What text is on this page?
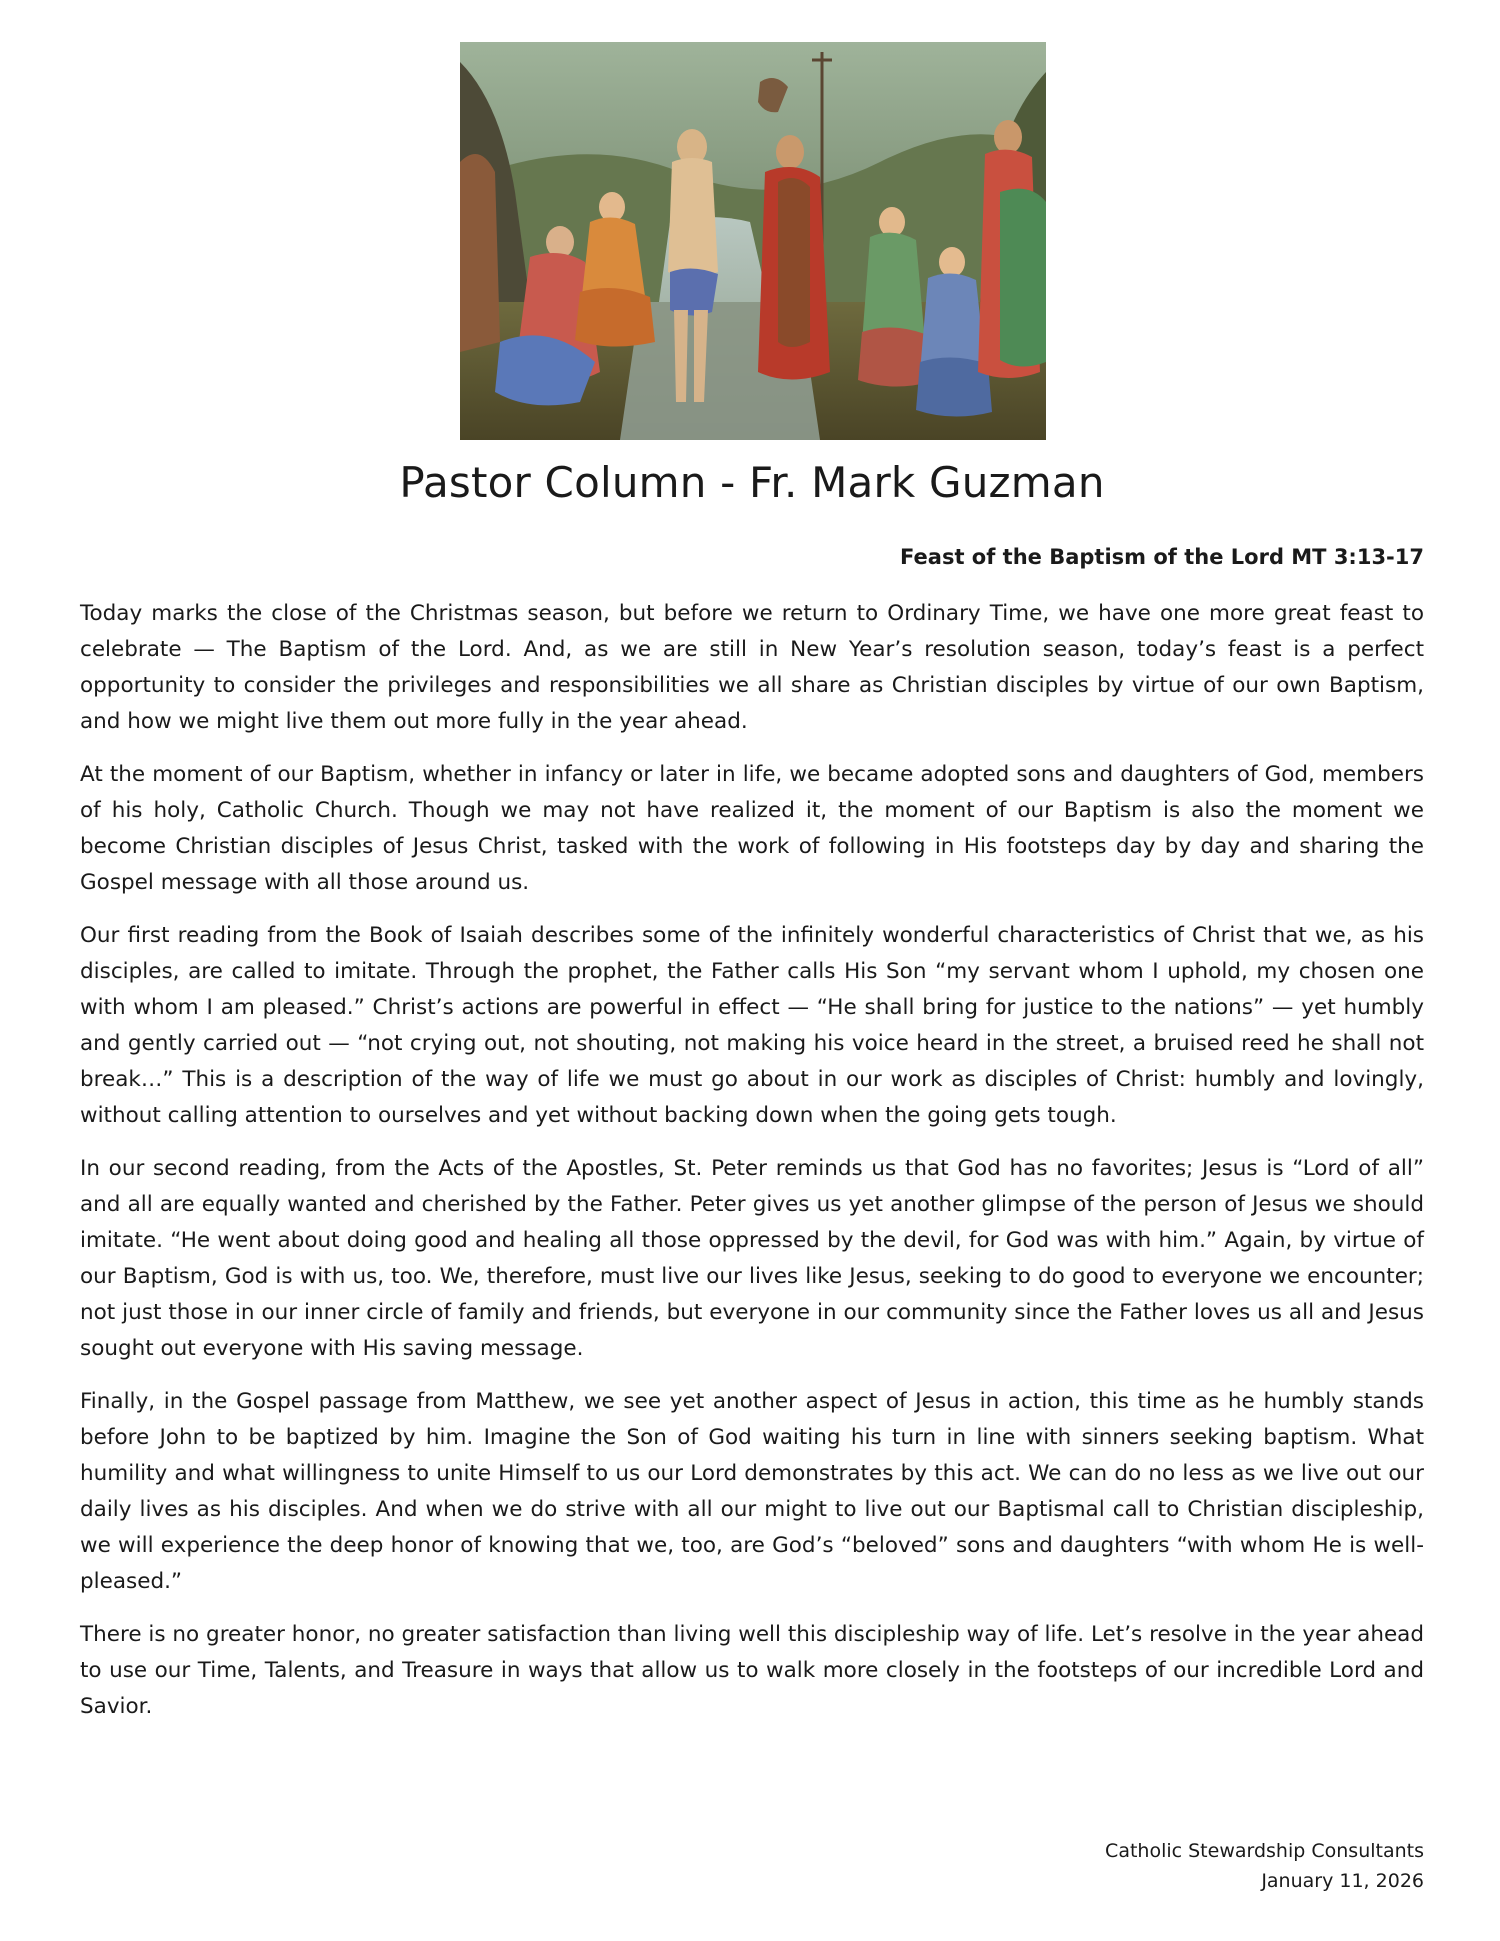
Pastor Column - Fr. Mark Guzman
Feast of the Baptism of the Lord MT 3:13-17

Today marks the close of the Christmas season, but before we return to Ordinary Time, we have one more great feast to celebrate — The Baptism of the Lord. And, as we are still in New Year’s resolution season, today’s feast is a perfect opportunity to consider the privileges and responsibilities we all share as Christian disciples by virtue of our own Baptism, and how we might live them out more fully in the year ahead.

At the moment of our Baptism, whether in infancy or later in life, we became adopted sons and daughters of God, members of his holy, Catholic Church. Though we may not have realized it, the moment of our Baptism is also the moment we become Christian disciples of Jesus Christ, tasked with the work of following in His footsteps day by day and sharing the Gospel message with all those around us.

Our first reading from the Book of Isaiah describes some of the infinitely wonderful characteristics of Christ that we, as his disciples, are called to imitate. Through the prophet, the Father calls His Son “my servant whom I uphold, my chosen one with whom I am pleased.” Christ’s actions are powerful in effect — “He shall bring for justice to the nations” — yet humbly and gently carried out — “not crying out, not shouting, not making his voice heard in the street, a bruised reed he shall not break…” This is a description of the way of life we must go about in our work as disciples of Christ: humbly and lovingly, without calling attention to ourselves and yet without backing down when the going gets tough.

In our second reading, from the Acts of the Apostles, St. Peter reminds us that God has no favorites; Jesus is “Lord of all” and all are equally wanted and cherished by the Father. Peter gives us yet another glimpse of the person of Jesus we should imitate. “He went about doing good and healing all those oppressed by the devil, for God was with him.” Again, by virtue of our Baptism, God is with us, too. We, therefore, must live our lives like Jesus, seeking to do good to everyone we encounter; not just those in our inner circle of family and friends, but everyone in our community since the Father loves us all and Jesus sought out everyone with His saving message.

Finally, in the Gospel passage from Matthew, we see yet another aspect of Jesus in action, this time as he humbly stands before John to be baptized by him. Imagine the Son of God waiting his turn in line with sinners seeking baptism. What humility and what willingness to unite Himself to us our Lord demonstrates by this act. We can do no less as we live out our daily lives as his disciples. And when we do strive with all our might to live out our Baptismal call to Christian discipleship, we will experience the deep honor of knowing that we, too, are God’s “beloved” sons and daughters “with whom He is well-pleased.”

There is no greater honor, no greater satisfaction than living well this discipleship way of life. Let’s resolve in the year ahead to use our Time, Talents, and Treasure in ways that allow us to walk more closely in the footsteps of our incredible Lord and Savior.

Catholic Stewardship Consultants
January 11, 2026
